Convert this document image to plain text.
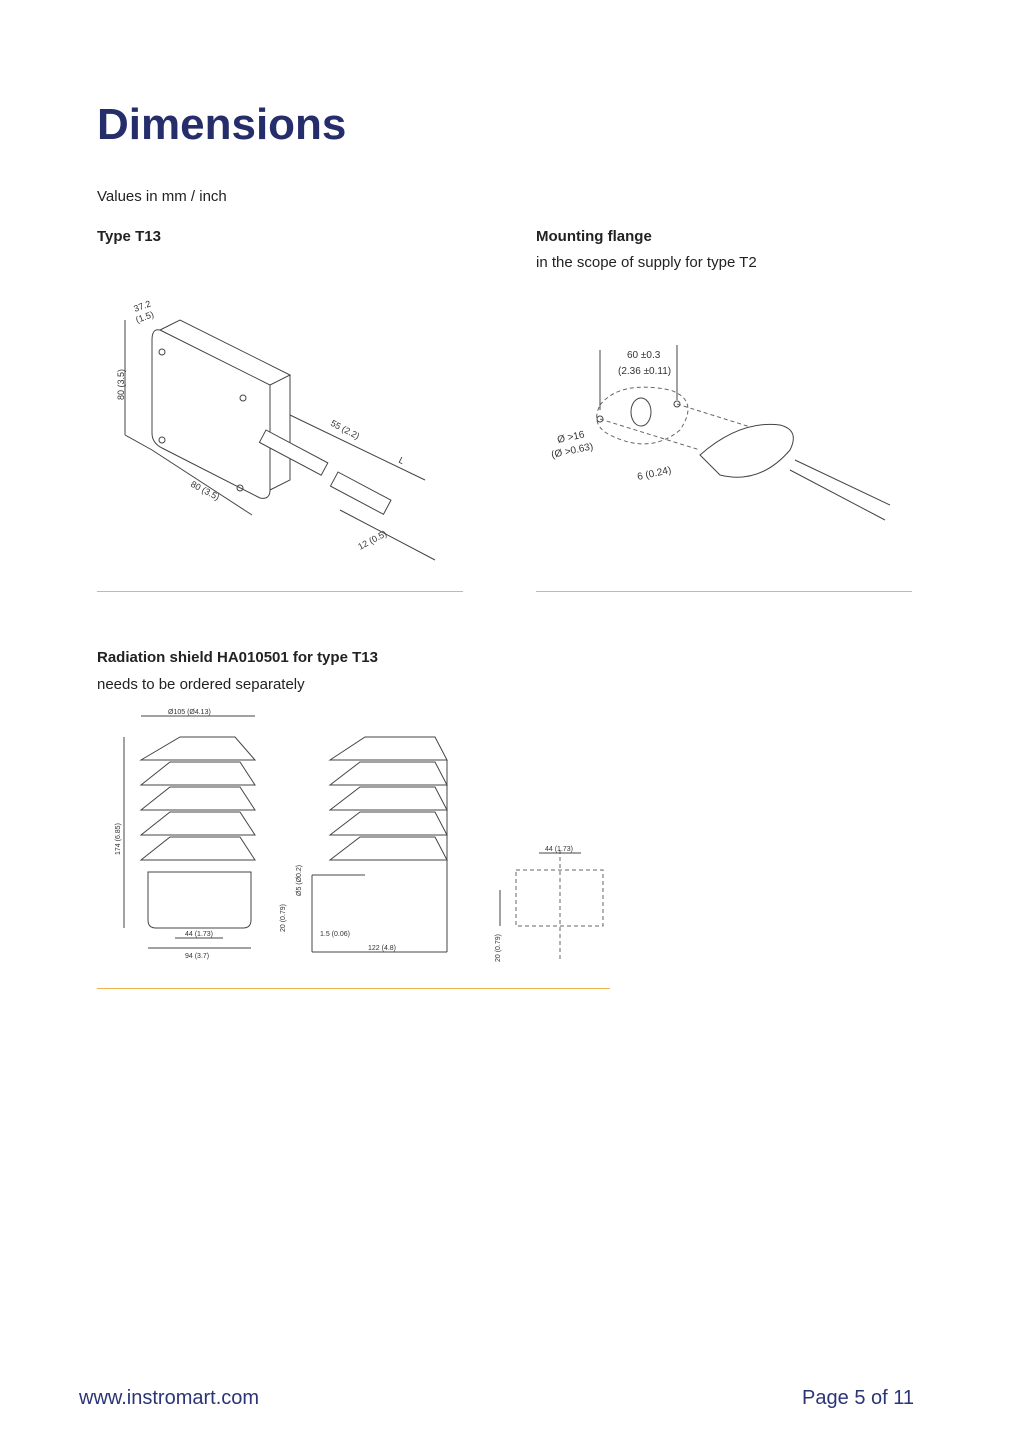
Dimensions
Values in mm / inch
Type T13	Mounting flange
in the scope of supply for type T2
37.2
(1.5)
80 (3.5)
80 (3.5)
55 (2.2)
L
12 (0.5)
60 ±0.3
(2.36 ±0.11)
Ø >16
(Ø >0.63)
6 (0.24)
Radiation shield HA010501 for type T13
needs to be ordered separately
Ø105 (Ø4.13)
174 (6.85)
44 (1.73)
94 (3.7)
Ø5 (Ø0.2)
20 (0.79)
1.5 (0.06)
122 (4.8)
44 (1.73)
20 (0.79)
www.instromart.com	Page 5 of 11
